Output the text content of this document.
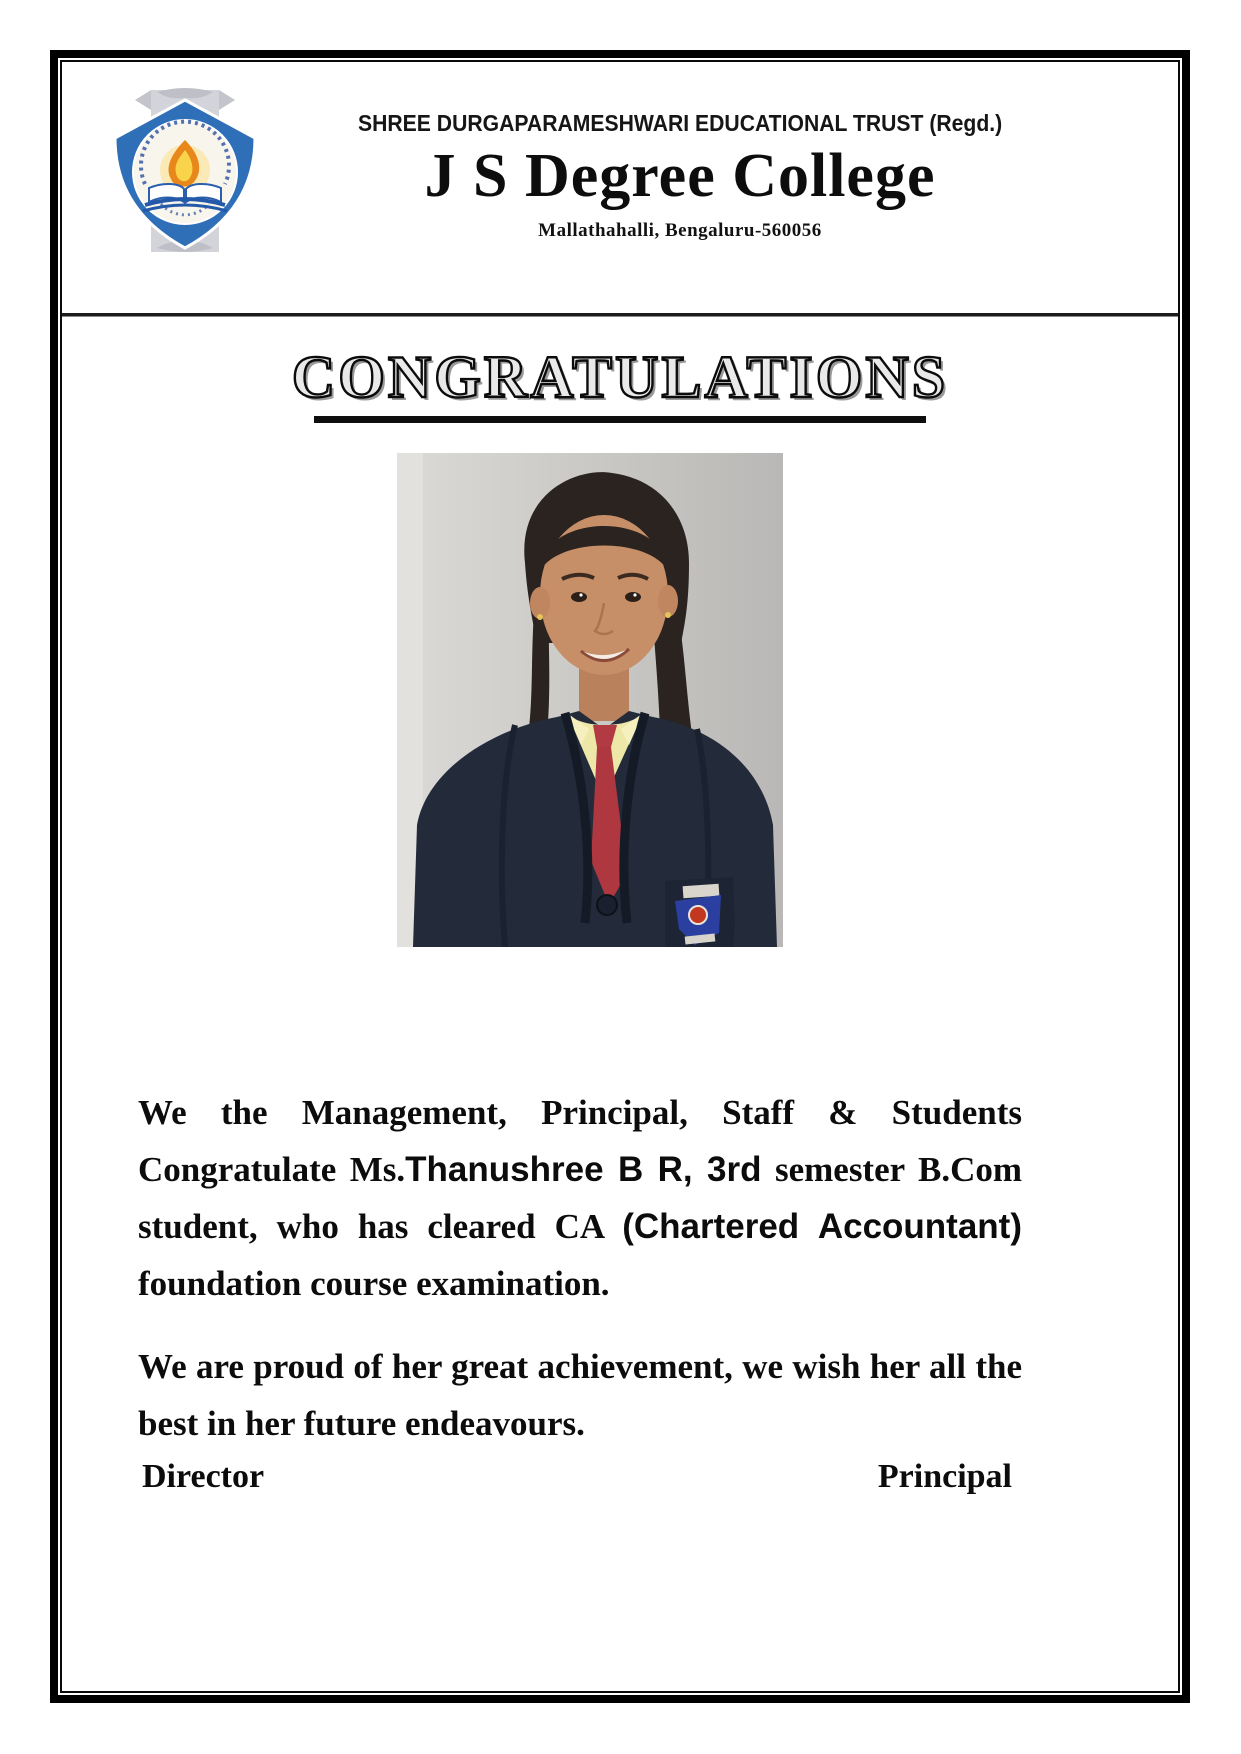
SHREE DURGAPARAMESHWARI EDUCATIONAL TRUST (Regd.)
J S Degree College
Mallathahalli, Bengaluru-560056
CONGRATULATIONS

We the Management, Principal, Staff & Students Congratulate Ms.Thanushree B R, 3rd semester B.Com student, who has cleared CA (Chartered Accountant) foundation course examination.

We are proud of her great achievement, we wish her all the best in her future endeavours.

Director	Principal
